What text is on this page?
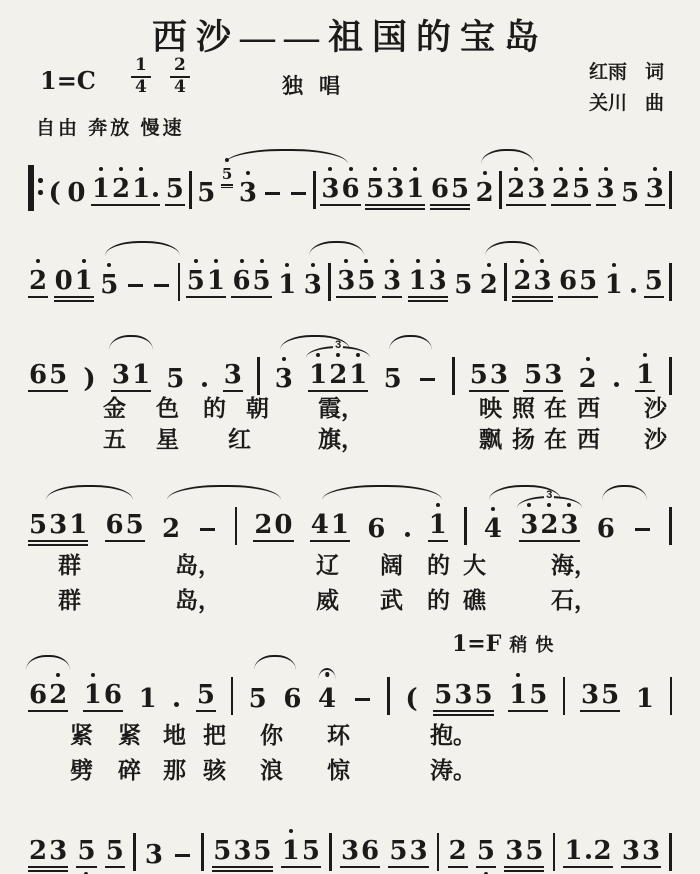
西沙——祖国的宝岛
$1=C \frac{1}{4} \frac{2}{4}$	独唱
红雨 词
关川 曲
自由 奔放 慢速
1=F 稍快
( 0 1 2 1 5 5
5
3 3 6 5 3 1 6 5 2 2 3 2 5 3 5 3
2 0 1 5	5 1 6 5 1 3 3 5 3 1 3 5 2 2 3 6 5 1 5
6 5 ) 3 1 5 3 3 1 2 1
3
5	5 3 5 3 2 1
5 3 1 6 5 2	2 0 4 1 6 1 4 3 2 3
3
6
6 2 1 6 1 5 5 6 4	( 5 3 5 1 5 3 5 1
2 3 5 5 3 5 3 5 1 5 3 6 5 3 2 5 3 5 1 2 3 3
金 色 的 朝 霞，	映 照 在 西 沙
五 星 红	旗，	飘 扬 在 西 沙
群	岛，	辽 阔 的 大	海，
群	岛，	威 武 的 礁	石，
紧 紧 地 把 你 环	抱。
劈 碎 那 骇 浪 惊	涛。
